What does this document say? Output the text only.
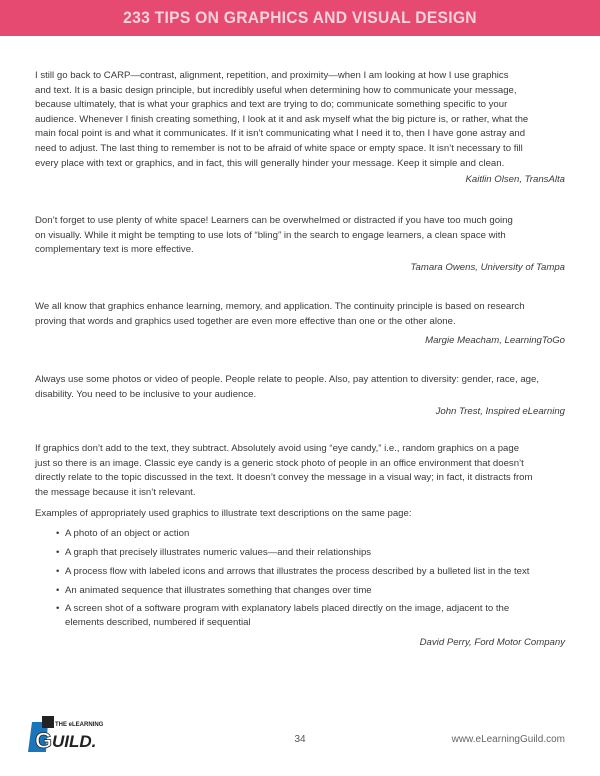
233 TIPS ON GRAPHICS AND VISUAL DESIGN
I still go back to CARP—contrast, alignment, repetition, and proximity—when I am looking at how I use graphics
and text. It is a basic design principle, but incredibly useful when determining how to communicate your message,
because ultimately, that is what your graphics and text are trying to do; communicate something specific to your
audience. Whenever I finish creating something, I look at it and ask myself what the big picture is, or rather, what the
main focal point is and what it communicates. If it isn’t communicating what I need it to, then I have gone astray and
need to adjust. The last thing to remember is not to be afraid of white space or empty space. It isn’t necessary to fill
every place with text or graphics, and in fact, this will generally hinder your message. Keep it simple and clean.
Kaitlin Olsen, TransAlta
Don’t forget to use plenty of white space! Learners can be overwhelmed or distracted if you have too much going
on visually. While it might be tempting to use lots of “bling” in the search to engage learners, a clean space with
complementary text is more effective.
Tamara Owens, University of Tampa
We all know that graphics enhance learning, memory, and application. The continuity principle is based on research
proving that words and graphics used together are even more effective than one or the other alone.
Margie Meacham, LearningToGo
Always use some photos or video of people. People relate to people. Also, pay attention to diversity: gender, race, age,
disability. You need to be inclusive to your audience.
John Trest, Inspired eLearning
If graphics don’t add to the text, they subtract. Absolutely avoid using “eye candy,” i.e., random graphics on a page
just so there is an image. Classic eye candy is a generic stock photo of people in an office environment that doesn’t
directly relate to the topic discussed in the text. It doesn’t convey the message in a visual way; in fact, it distracts from
the message because it isn’t relevant.
Examples of appropriately used graphics to illustrate text descriptions on the same page:
• A photo of an object or action
• A graph that precisely illustrates numeric values—and their relationships
• A process flow with labeled icons and arrows that illustrates the process described by a bulleted list in the text
• An animated sequence that illustrates something that changes over time
• A screen shot of a software program with explanatory labels placed directly on the image, adjacent to the
elements described, numbered if sequential
David Perry, Ford Motor Company
G
THE eLEARNING
UILD.	34	www.eLearningGuild.com
